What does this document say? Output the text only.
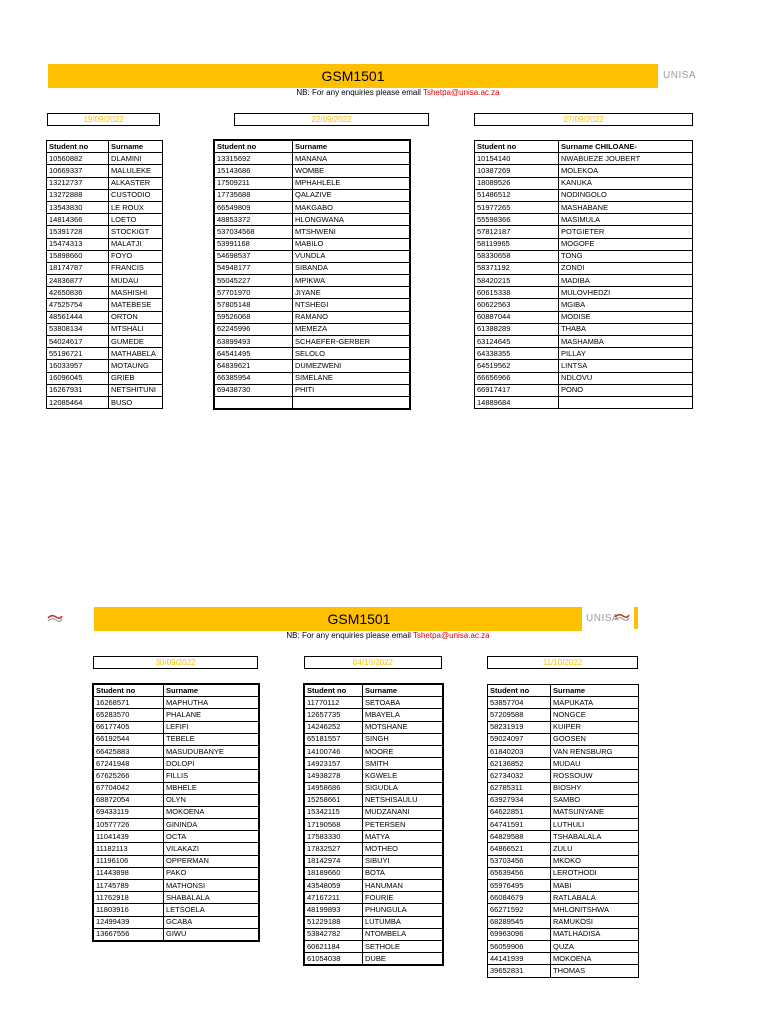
GSM1501	UNISA
NB: For any enquiries please email Tshetpa@unisa.ac.za
19/09/2022	22/09/2022	27/09/2022
Student no	Surname
10560882	DLAMINI
10669337	MALULEKE
13212737	ALKASTER
13272888	CUSTODIO
13543830	LE ROUX
14814366	LOETO
15391728	STOCKIGT
15474313	MALATJI
15898660	FOYO
18174787	FRANCIS
24836877	MUDAU
42650836	MASHISHI
47525754	MATEBESE
48561444	ORTON
53808134	MTSHALI
54024617	GUMEDE
55196721	MATHABELA
16033957	MOTAUNG
16096045	GRIEB
16267931	NETSHITUNI
12085464	BUSO
Student no	Surname
13315692	MANANA
15143686	WOMBE
17509211	MPHAHLELE
17735688	QALAZIVE
66549809	MAKGABO
48853372	HLONGWANA
537034568	MTSHWENI
53991168	MABILO
54698537	VUNDLA
54948177	SIBANDA
55045227	MPIKWA
57701970	JIYANE
57805148	NTSHEGI
59526068	RAMANO
62245996	MEMEZA
63899493	SCHAEFER-GERBER
64541495	SELOLO
64839621	DUMEZWENI
66385954	SIMELANE
69438730	PHITI

Student no	Surname CHILOANE-
10154140	NWABUEZE JOUBERT
10387269	MOLEKOA
18089526	KANUKA
51486512	NODINGOLO
51977265	MASHABANE
55598366	MASIMULA
57812187	POTGIETER
58119965	MOGOFE
58330658	TONG
58371192	ZONDI
58420215	MADIBA
60615338	MULOVHEDZI
60622563	MGIBA
60887044	MODISE
61388289	THABA
63124645	MASHAMBA
64338355	PILLAY
64519562	LINTSA
66656966	NDLOVU
66917417	PONO
14889684	
GSM1501	UNISA
NB: For any enquiries please email Tshetpa@unisa.ac.za
30/09/2022	04/10/2022	11/10/2022
Student no	Surname
16268571	MAPHUTHA
65283570	PHALANE
66177405	LEFIFI
66192544	TEBELE
66425883	MASUDUBANYE
67241948	DOLOPI
67625266	FILLIS
67704042	MBHELE
68872054	OLYN
69433119	MOKOENA
10577726	GININDA
11041439	OCTA
11182113	VILAKAZI
11196106	OPPERMAN
11443898	PAKO
11745789	MATHONSI
11762918	SHABALALA
11803916	LETSOELA
12499439	GCABA
13667556	GIWU
Student no	Surname
11770112	SETOABA
12657735	MBAYELA
14246252	MOTSHANE
65181557	SINGH
14100746	MOORE
14923157	SMITH
14938278	KGWELE
14958686	SIGUDLA
15258661	NETSHISAULU
15342115	MUDZANANI
17190568	PETERSEN
17583330	MATYA
17832527	MOTHEO
18142974	SIBUYI
18189660	BOTA
43548059	HANUMAN
47167211	FOURIE
48199893	PHUNGULA
51229188	LUTUMBA
53842782	NTOMBELA
60621184	SETHOLE
61054038	DUBE
Student no	Surname
53857704	MAPUKATA
57209588	NONGCE
58231919	KUIPER
59024097	GOOSEN
61840203	VAN RENSBURG
62136852	MUDAU
62734032	ROSSOUW
62785311	BIOSHY
63927934	SAMBO
64622851	MATSUNYANE
64741591	LUTHULI
64829588	TSHABALALA
64866521	ZULU
53703456	MKOKO
65639456	LEROTHODI
65976495	MABI
66084679	RATLABALA
66271592	MHLONITSHWA
68289545	RAMUKOSI
69963096	MATLHADISA
56059906	QUZA
44141939	MOKOENA
39652831	THOMAS
